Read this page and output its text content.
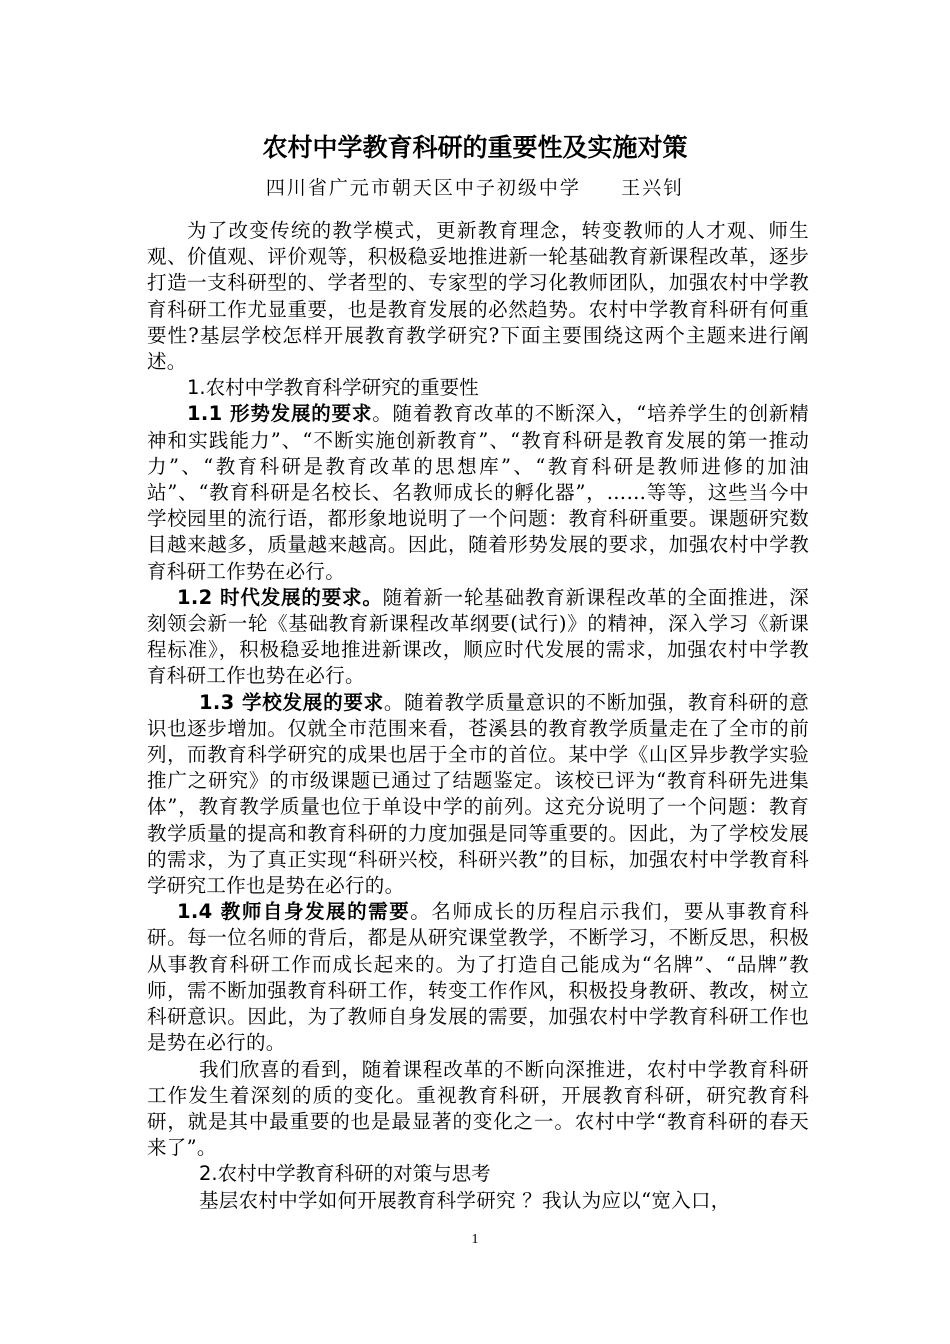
农村中学教育科研的重要性及实施对策

四川省广元市朝天区中子初级中学   王兴钊

为了改变传统的教学模式，更新教育理念，转变教师的人才观、师生观、价值观、评价观等，积极稳妥地推进新一轮基础教育新课程改革，逐步打造一支科研型的、学者型的、专家型的学习化教师团队，加强农村中学教育科研工作尤显重要，也是教育发展的必然趋势。农村中学教育科研有何重要性?基层学校怎样开展教育教学研究?下面主要围绕这两个主题来进行阐述。

1.农村中学教育科学研究的重要性

1.1 形势发展的要求。随着教育改革的不断深入，“培养学生的创新精神和实践能力”、“不断实施创新教育”、“教育科研是教育发展的第一推动力”、“教育科研是教育改革的思想库”、“教育科研是教师进修的加油站”、“教育科研是名校长、名教师成长的孵化器”，……等等，这些当今中学校园里的流行语，都形象地说明了一个问题：教育科研重要。课题研究数目越来越多，质量越来越高。因此，随着形势发展的要求，加强农村中学教育科研工作势在必行。

1.2 时代发展的要求。随着新一轮基础教育新课程改革的全面推进，深刻领会新一轮《基础教育新课程改革纲要(试行)》的精神，深入学习《新课程标准》，积极稳妥地推进新课改，顺应时代发展的需求，加强农村中学教育科研工作也势在必行。

1.3 学校发展的要求。随着教学质量意识的不断加强，教育科研的意识也逐步增加。仅就全市范围来看，苍溪县的教育教学质量走在了全市的前列，而教育科学研究的成果也居于全市的首位。某中学《山区异步教学实验推广之研究》的市级课题已通过了结题鉴定。该校已评为“教育科研先进集体”，教育教学质量也位于单设中学的前列。这充分说明了一个问题：教育教学质量的提高和教育科研的力度加强是同等重要的。因此，为了学校发展的需求，为了真正实现“科研兴校，科研兴教”的目标，加强农村中学教育科学研究工作也是势在必行的。

1.4 教师自身发展的需要。名师成长的历程启示我们，要从事教育科研。每一位名师的背后，都是从研究课堂教学，不断学习，不断反思，积极从事教育科研工作而成长起来的。为了打造自己能成为“名牌”、“品牌”教师，需不断加强教育科研工作，转变工作作风，积极投身教研、教改，树立科研意识。因此，为了教师自身发展的需要，加强农村中学教育科研工作也是势在必行的。

我们欣喜的看到，随着课程改革的不断向深推进，农村中学教育科研工作发生着深刻的质的变化。重视教育科研，开展教育科研，研究教育科研，就是其中最重要的也是最显著的变化之一。农村中学“教育科研的春天来了”。

2.农村中学教育科研的对策与思考

基层农村中学如何开展教育科学研究 ？我认为应以“宽入口，

1
